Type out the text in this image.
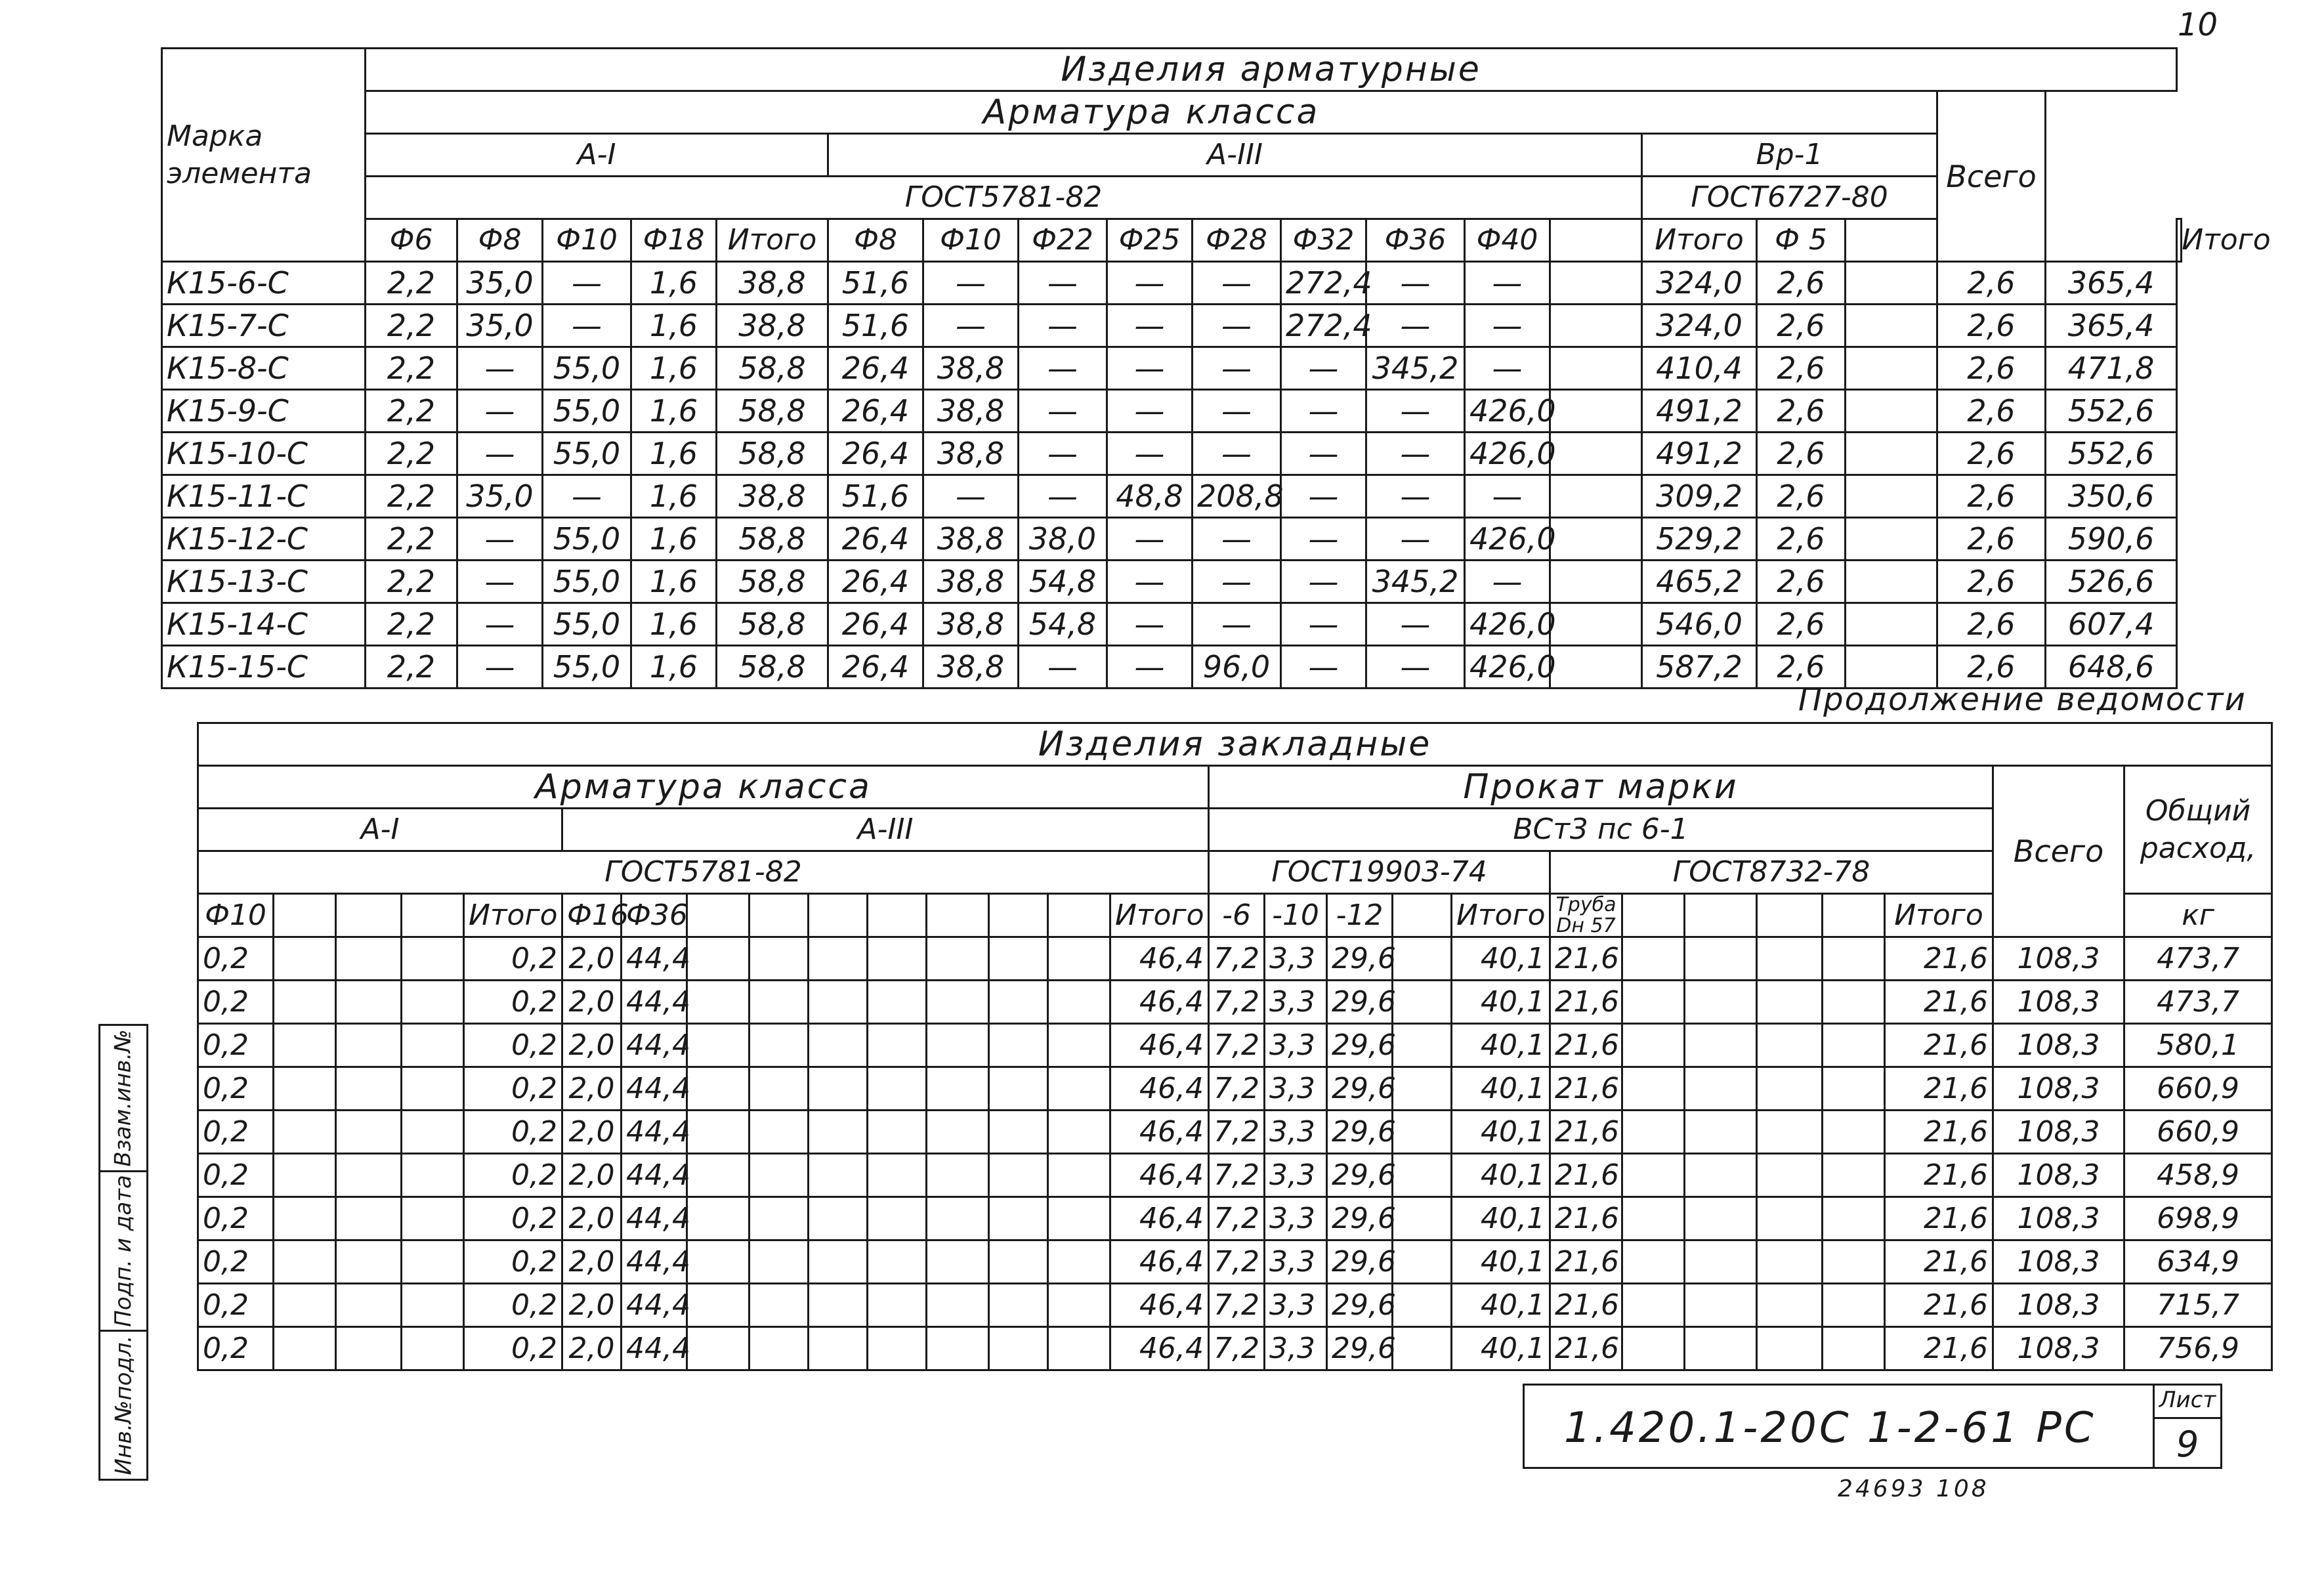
10
Марка элемента	Изделия арматурные																			
	Арматура класса																	Всего		
	А-I					А-III									Вр-1					
	ГОСТ5781-82														ГОСТ6727-80					
	Ф6	Ф8	Ф10	Ф18	Итого	Ф8	Ф10	Ф22	Ф25	Ф28	Ф32	Ф36	Ф40		Итого	Ф 5				Итого
К15-6-С	2,2	35,0	—	1,6	38,8	51,6	—	—	—	—	272,4	—	—		324,0	2,6		2,6	365,4	
К15-7-С	2,2	35,0	—	1,6	38,8	51,6	—	—	—	—	272,4	—	—		324,0	2,6		2,6	365,4	
К15-8-С	2,2	—	55,0	1,6	58,8	26,4	38,8	—	—	—	—	345,2	—		410,4	2,6		2,6	471,8	
К15-9-С	2,2	—	55,0	1,6	58,8	26,4	38,8	—	—	—	—	—	426,0		491,2	2,6		2,6	552,6	
К15-10-С	2,2	—	55,0	1,6	58,8	26,4	38,8	—	—	—	—	—	426,0		491,2	2,6		2,6	552,6	
К15-11-С	2,2	35,0	—	1,6	38,8	51,6	—	—	48,8	208,8	—	—	—		309,2	2,6		2,6	350,6	
К15-12-С	2,2	—	55,0	1,6	58,8	26,4	38,8	38,0	—	—	—	—	426,0		529,2	2,6		2,6	590,6	
К15-13-С	2,2	—	55,0	1,6	58,8	26,4	38,8	54,8	—	—	—	345,2	—		465,2	2,6		2,6	526,6	
К15-14-С	2,2	—	55,0	1,6	58,8	26,4	38,8	54,8	—	—	—	—	426,0		546,0	2,6		2,6	607,4	
К15-15-С	2,2	—	55,0	1,6	58,8	26,4	38,8	—	—	96,0	—	—	426,0		587,2	2,6		2,6	648,6	
Продолжение ведомости
Изделия закладные																											
Арматура класса															Прокат марки											Всего	Общий расход,
А-I					А-III										ВСт3 пс 6-1												
ГОСТ5781-82															ГОСТ19903-74					ГОСТ8732-78							
Ф10				Итого	Ф16	Ф36								Итого	-6	-10	-12		Итого	Труба Dн 57					Итого		кг
0,2				0,2	2,0	44,4								46,4	7,2	3,3	29,6		40,1	21,6					21,6	108,3	473,7
0,2				0,2	2,0	44,4								46,4	7,2	3,3	29,6		40,1	21,6					21,6	108,3	473,7
0,2				0,2	2,0	44,4								46,4	7,2	3,3	29,6		40,1	21,6					21,6	108,3	580,1
0,2				0,2	2,0	44,4								46,4	7,2	3,3	29,6		40,1	21,6					21,6	108,3	660,9
0,2				0,2	2,0	44,4								46,4	7,2	3,3	29,6		40,1	21,6					21,6	108,3	660,9
0,2				0,2	2,0	44,4								46,4	7,2	3,3	29,6		40,1	21,6					21,6	108,3	458,9
0,2				0,2	2,0	44,4								46,4	7,2	3,3	29,6		40,1	21,6					21,6	108,3	698,9
0,2				0,2	2,0	44,4								46,4	7,2	3,3	29,6		40,1	21,6					21,6	108,3	634,9
0,2				0,2	2,0	44,4								46,4	7,2	3,3	29,6		40,1	21,6					21,6	108,3	715,7
0,2				0,2	2,0	44,4								46,4	7,2	3,3	29,6		40,1	21,6					21,6	108,3	756,9
Взам.инв.№
Подп. и дата
Инв.№подл.	1.420.1-20С 1-2-61 РС
Лист
9
24693 108
